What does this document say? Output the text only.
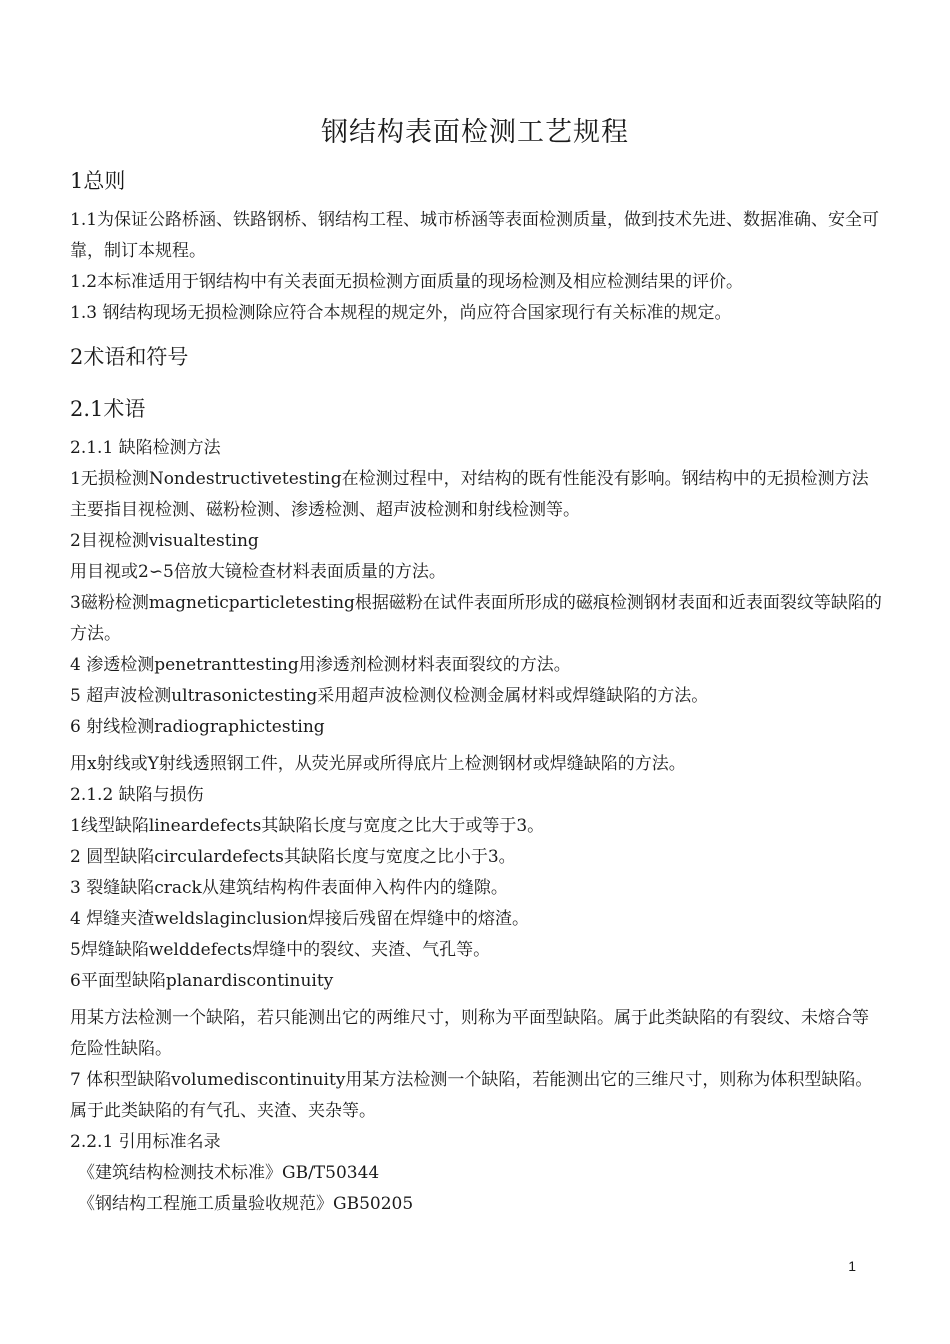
钢结构表面检测工艺规程
1总则

1.1为保证公路桥涵、铁路钢桥、钢结构工程、城市桥涵等表面检测质量，做到技术先进、数据准确、安全可靠，制订本规程。

1.2本标准适用于钢结构中有关表面无损检测方面质量的现场检测及相应检测结果的评价。

1.3 钢结构现场无损检测除应符合本规程的规定外，尚应符合国家现行有关标准的规定。

2术语和符号
2.1术语

2.1.1 缺陷检测方法

1无损检测Nondestructivetesting在检测过程中，对结构的既有性能没有影响。钢结构中的无损检测方法主要指目视检测、磁粉检测、渗透检测、超声波检测和射线检测等。

2目视检测visualtesting

用目视或2∽5倍放大镜检查材料表面质量的方法。

3磁粉检测magneticparticletesting根据磁粉在试件表面所形成的磁痕检测钢材表面和近表面裂纹等缺陷的方法。

4 渗透检测penetranttesting用渗透剂检测材料表面裂纹的方法。

5 超声波检测ultrasonictesting采用超声波检测仪检测金属材料或焊缝缺陷的方法。

6 射线检测radiographictesting

用x射线或Y射线透照钢工件，从荧光屏或所得底片上检测钢材或焊缝缺陷的方法。

2.1.2 缺陷与损伤

1线型缺陷lineardefects其缺陷长度与宽度之比大于或等于3。

2 圆型缺陷circulardefects其缺陷长度与宽度之比小于3。

3 裂缝缺陷crack从建筑结构构件表面伸入构件内的缝隙。

4 焊缝夹渣weldslaginclusion焊接后残留在焊缝中的熔渣。

5焊缝缺陷welddefects焊缝中的裂纹、夹渣、气孔等。

6平面型缺陷planardiscontinuity

用某方法检测一个缺陷，若只能测出它的两维尺寸，则称为平面型缺陷。属于此类缺陷的有裂纹、未熔合等危险性缺陷。

7 体积型缺陷volumediscontinuity用某方法检测一个缺陷，若能测出它的三维尺寸，则称为体积型缺陷。属于此类缺陷的有气孔、夹渣、夹杂等。

2.2.1 引用标准名录

《建筑结构检测技术标准》GB/T50344

《钢结构工程施工质量验收规范》GB50205

1
